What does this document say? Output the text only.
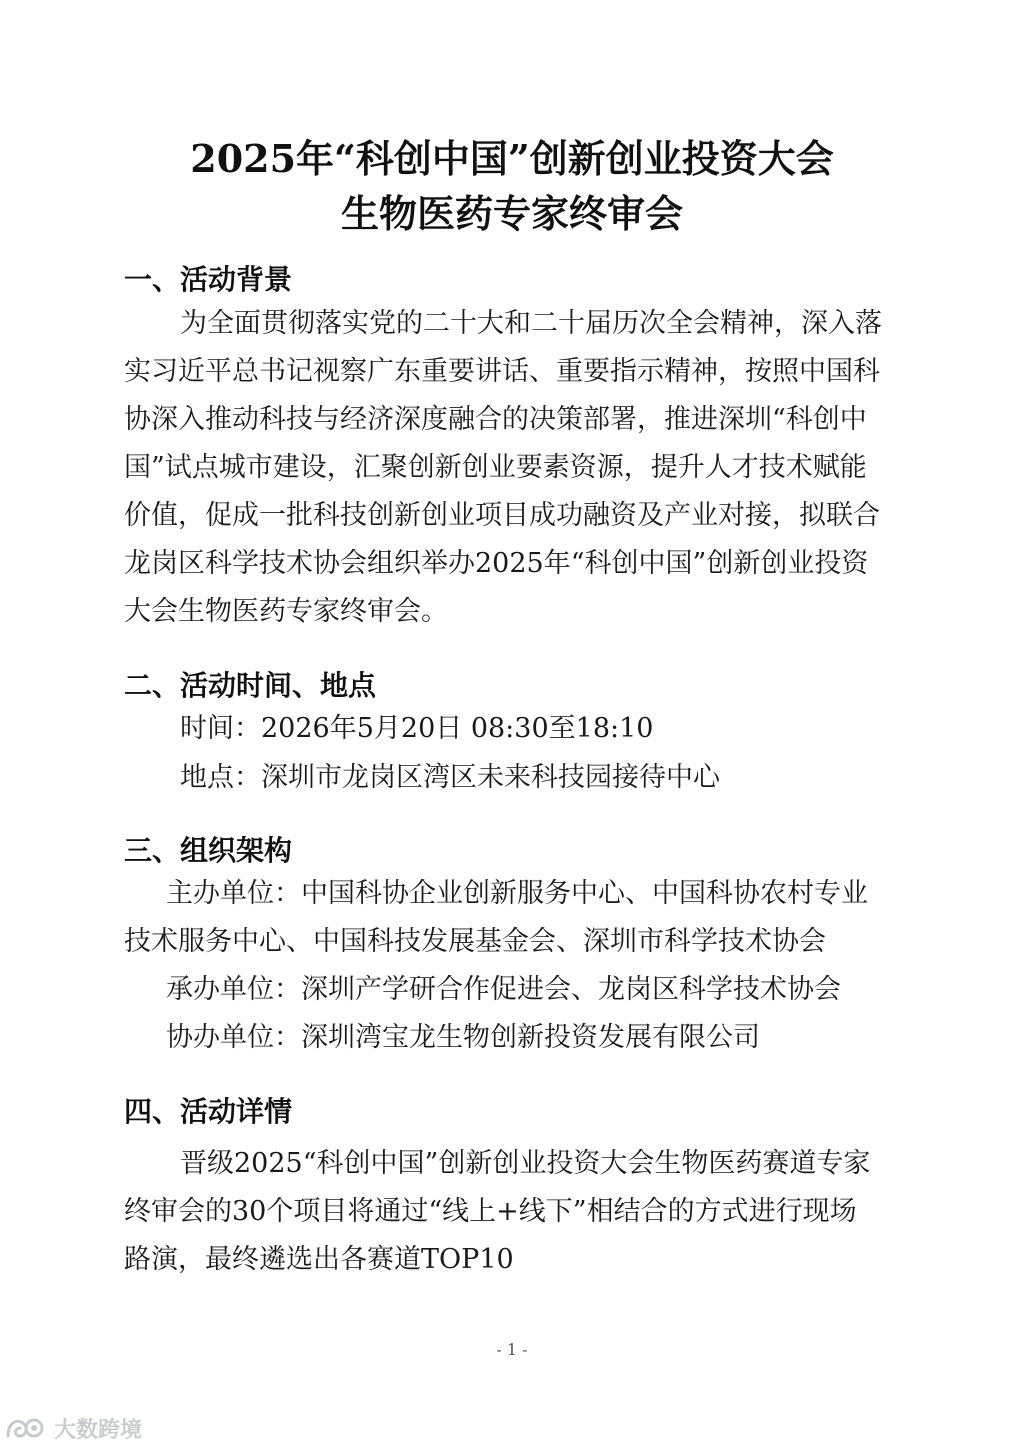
2025年“科创中国”创新创业投资大会
生物医药专家终审会
一、活动背景
为全面贯彻落实党的二十大和二十届历次全会精神，深入落
实习近平总书记视察广东重要讲话、重要指示精神，按照中国科
协深入推动科技与经济深度融合的决策部署，推进深圳“科创中
国”试点城市建设，汇聚创新创业要素资源，提升人才技术赋能
价值，促成一批科技创新创业项目成功融资及产业对接，拟联合
龙岗区科学技术协会组织举办2025年“科创中国”创新创业投资
大会生物医药专家终审会。
二、活动时间、地点
时间：2026年5月20日 08:30至18:10
地点：深圳市龙岗区湾区未来科技园接待中心
三、组织架构
主办单位：中国科协企业创新服务中心、中国科协农村专业
技术服务中心、中国科技发展基金会、深圳市科学技术协会
承办单位：深圳产学研合作促进会、龙岗区科学技术协会
协办单位：深圳湾宝龙生物创新投资发展有限公司
四、活动详情
晋级2025“科创中国”创新创业投资大会生物医药赛道专家
终审会的30个项目将通过“线上+线下”相结合的方式进行现场
路演，最终遴选出各赛道TOP10
- 1 -
大数跨境
